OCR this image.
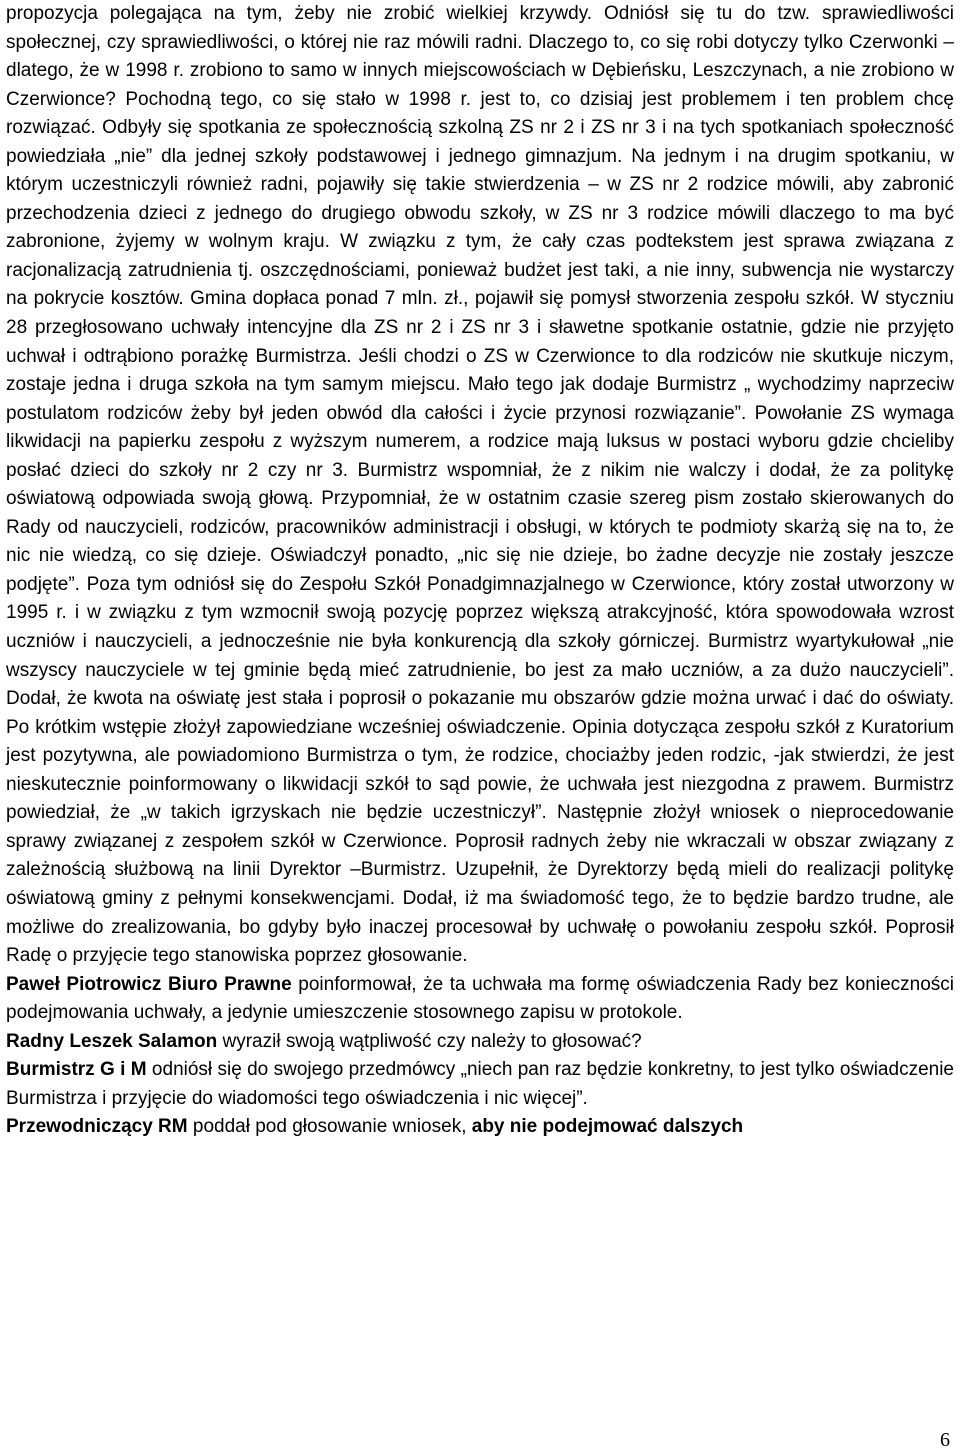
propozycja polegająca na tym, żeby nie zrobić wielkiej krzywdy. Odniósł się tu do tzw. sprawiedliwości społecznej, czy sprawiedliwości, o której nie raz mówili radni. Dlaczego to, co się robi dotyczy tylko Czerwonki – dlatego, że w 1998 r. zrobiono to samo w innych miejscowościach w Dębieńsku, Leszczynach, a nie zrobiono w Czerwionce? Pochodną tego, co się stało w 1998 r. jest to, co dzisiaj jest problemem i ten problem chcę rozwiązać. Odbyły się spotkania ze społecznością szkolną ZS nr 2 i ZS nr 3 i na tych spotkaniach społeczność powiedziała „nie” dla jednej szkoły podstawowej i jednego gimnazjum. Na jednym i na drugim spotkaniu, w którym uczestniczyli również radni, pojawiły się takie stwierdzenia – w ZS nr 2 rodzice mówili, aby zabronić przechodzenia dzieci z jednego do drugiego obwodu szkoły, w ZS nr 3 rodzice mówili dlaczego to ma być zabronione, żyjemy w wolnym kraju. W związku z tym, że cały czas podtekstem jest sprawa związana z racjonalizacją zatrudnienia tj. oszczędnościami, ponieważ budżet jest taki, a nie inny, subwencja nie wystarczy na pokrycie kosztów. Gmina dopłaca ponad 7 mln. zł., pojawił się pomysł stworzenia zespołu szkół. W styczniu 28 przegłosowano uchwały intencyjne dla ZS nr 2 i ZS nr 3 i sławetne spotkanie ostatnie, gdzie nie przyjęto uchwał i odtrąbiono porażkę Burmistrza. Jeśli chodzi o ZS w Czerwionce to dla rodziców nie skutkuje niczym, zostaje jedna i druga szkoła na tym samym miejscu. Mało tego jak dodaje Burmistrz „ wychodzimy naprzeciw postulatom rodziców żeby był jeden obwód dla całości i życie przynosi rozwiązanie”. Powołanie ZS wymaga likwidacji na papierku zespołu z wyższym numerem, a rodzice mają luksus w postaci wyboru gdzie chcieliby posłać dzieci do szkoły nr 2 czy nr 3. Burmistrz wspomniał, że z nikim nie walczy i dodał, że za politykę oświatową odpowiada swoją głową. Przypomniał, że w ostatnim czasie szereg pism zostało skierowanych do Rady od nauczycieli, rodziców, pracowników administracji i obsługi, w których te podmioty skarżą się na to, że nic nie wiedzą, co się dzieje. Oświadczył ponadto, „nic się nie dzieje, bo żadne decyzje nie zostały jeszcze podjęte”. Poza tym odniósł się do Zespołu Szkół Ponadgimnazjalnego w Czerwionce, który został utworzony w 1995 r. i w związku z tym wzmocnił swoją pozycję poprzez większą atrakcyjność, która spowodowała wzrost uczniów i nauczycieli, a jednocześnie nie była konkurencją dla szkoły górniczej. Burmistrz wyartykułował „nie wszyscy nauczyciele w tej gminie będą mieć zatrudnienie, bo jest za mało uczniów, a za dużo nauczycieli”. Dodał, że kwota na oświatę jest stała i poprosił o pokazanie mu obszarów gdzie można urwać i dać do oświaty. Po krótkim wstępie złożył zapowiedziane wcześniej oświadczenie. Opinia dotycząca zespołu szkół z Kuratorium jest pozytywna, ale powiadomiono Burmistrza o tym, że rodzice, chociażby jeden rodzic, -jak stwierdzi, że jest nieskutecznie poinformowany o likwidacji szkół to sąd powie, że uchwała jest niezgodna z prawem. Burmistrz powiedział, że „w takich igrzyskach nie będzie uczestniczył”. Następnie złożył wniosek o nieprocedowanie sprawy związanej z zespołem szkół w Czerwionce. Poprosił radnych żeby nie wkraczali w obszar związany z zależnością służbową na linii Dyrektor –Burmistrz. Uzupełnił, że Dyrektorzy będą mieli do realizacji politykę oświatową gminy z pełnymi konsekwencjami. Dodał, iż ma świadomość tego, że to będzie bardzo trudne, ale możliwe do zrealizowania, bo gdyby było inaczej procesował by uchwałę o powołaniu zespołu szkół. Poprosił Radę o przyjęcie tego stanowiska poprzez głosowanie.

Paweł Piotrowicz Biuro Prawne poinformował, że ta uchwała ma formę oświadczenia Rady bez konieczności podejmowania uchwały, a jedynie umieszczenie stosownego zapisu w protokole.

Radny Leszek Salamon wyraził swoją wątpliwość czy należy to głosować?

Burmistrz G i M odniósł się do swojego przedmówcy „niech pan raz będzie konkretny, to jest tylko oświadczenie Burmistrza i przyjęcie do wiadomości tego oświadczenia i nic więcej”.

Przewodniczący RM poddał pod głosowanie wniosek, aby nie podejmować dalszych

6
